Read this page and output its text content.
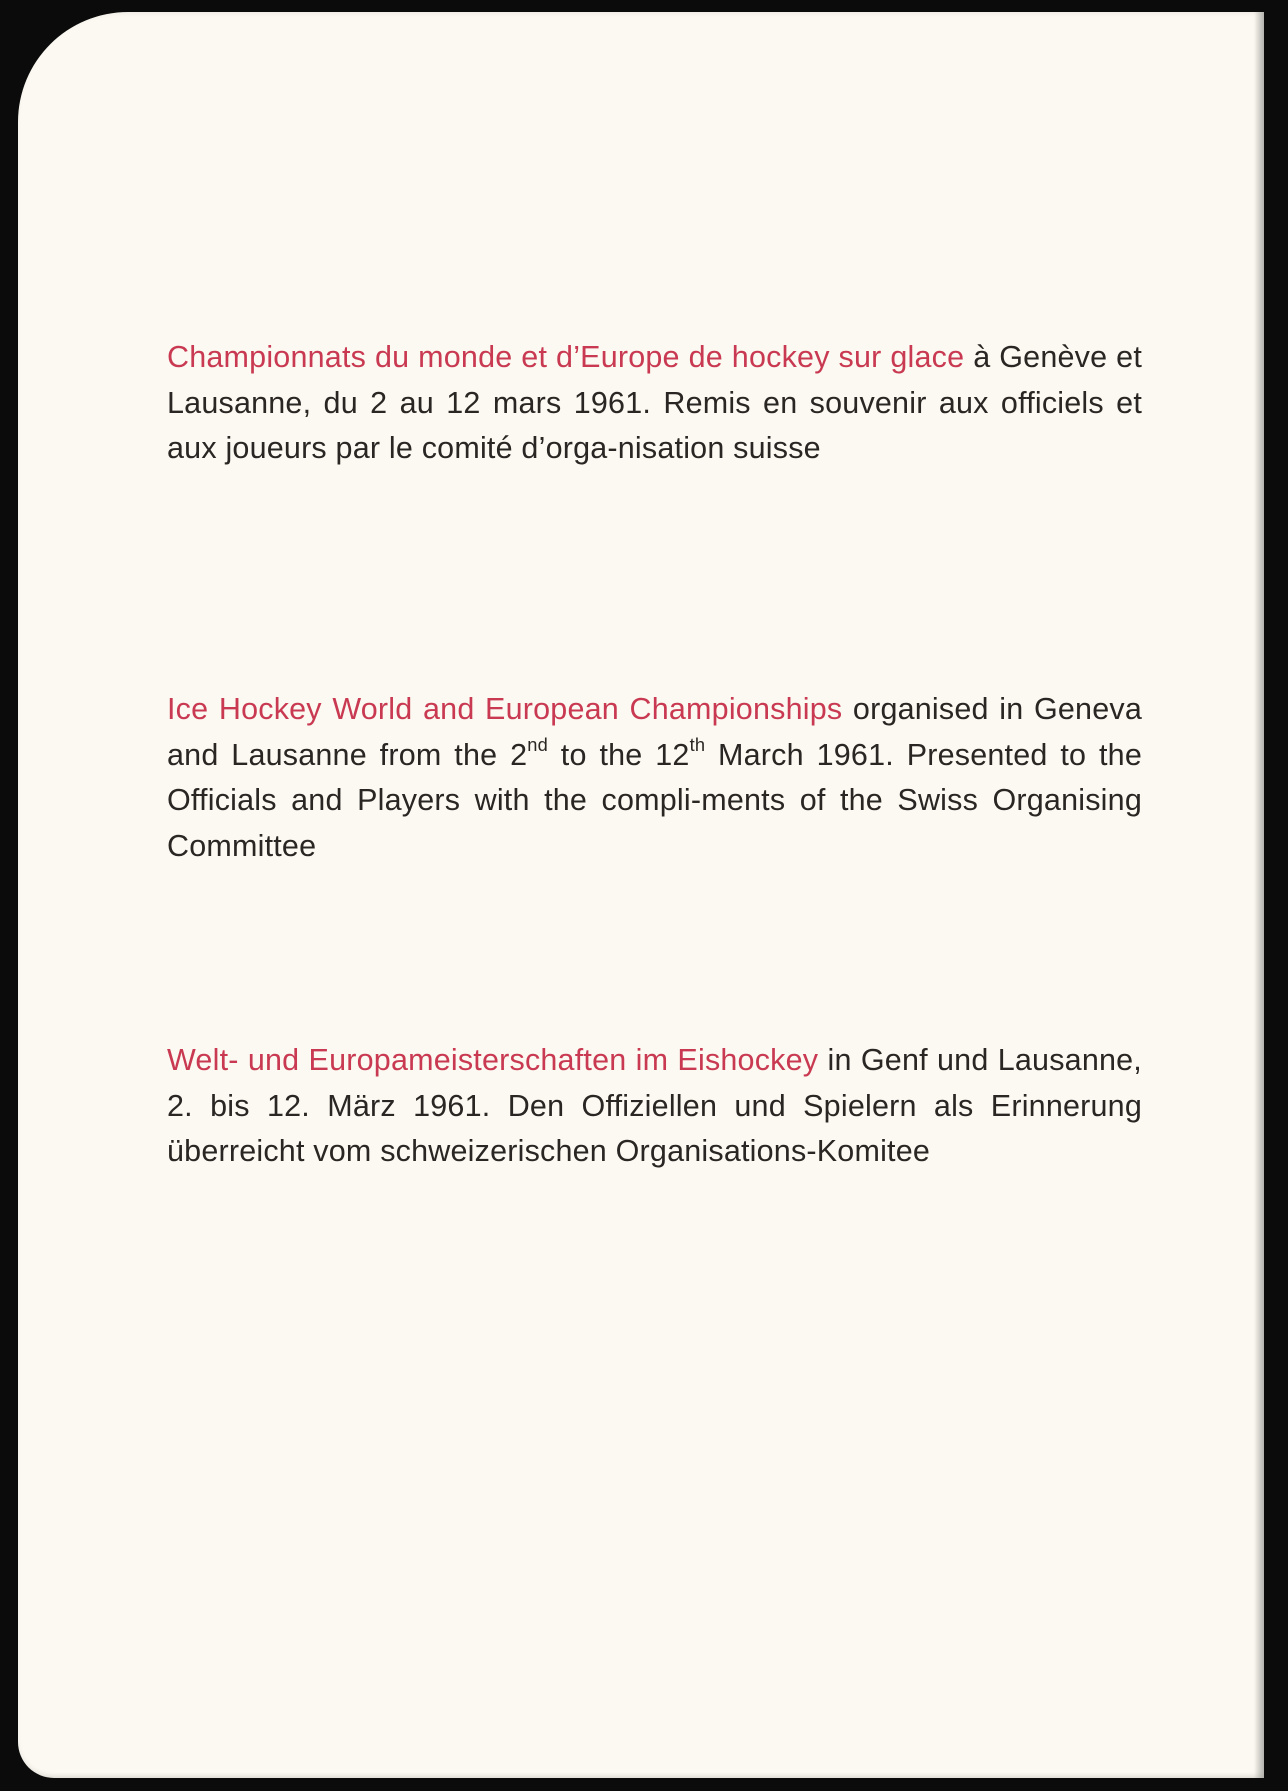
Championnats du monde et d’Europe de hockey sur glace à Genève et Lausanne, du 2 au 12 mars 1961. Remis en souvenir aux officiels et aux joueurs par le comité d’orga-nisation suisse

Ice Hockey World and European Championships organised in Geneva and Lausanne from the 2nd to the 12th March 1961. Presented to the Officials and Players with the compli-ments of the Swiss Organising Committee

Welt- und Europameisterschaften im Eishockey in Genf und Lausanne, 2. bis 12. März 1961. Den Offiziellen und Spielern als Erinnerung überreicht vom schweizerischen Organisations-Komitee
